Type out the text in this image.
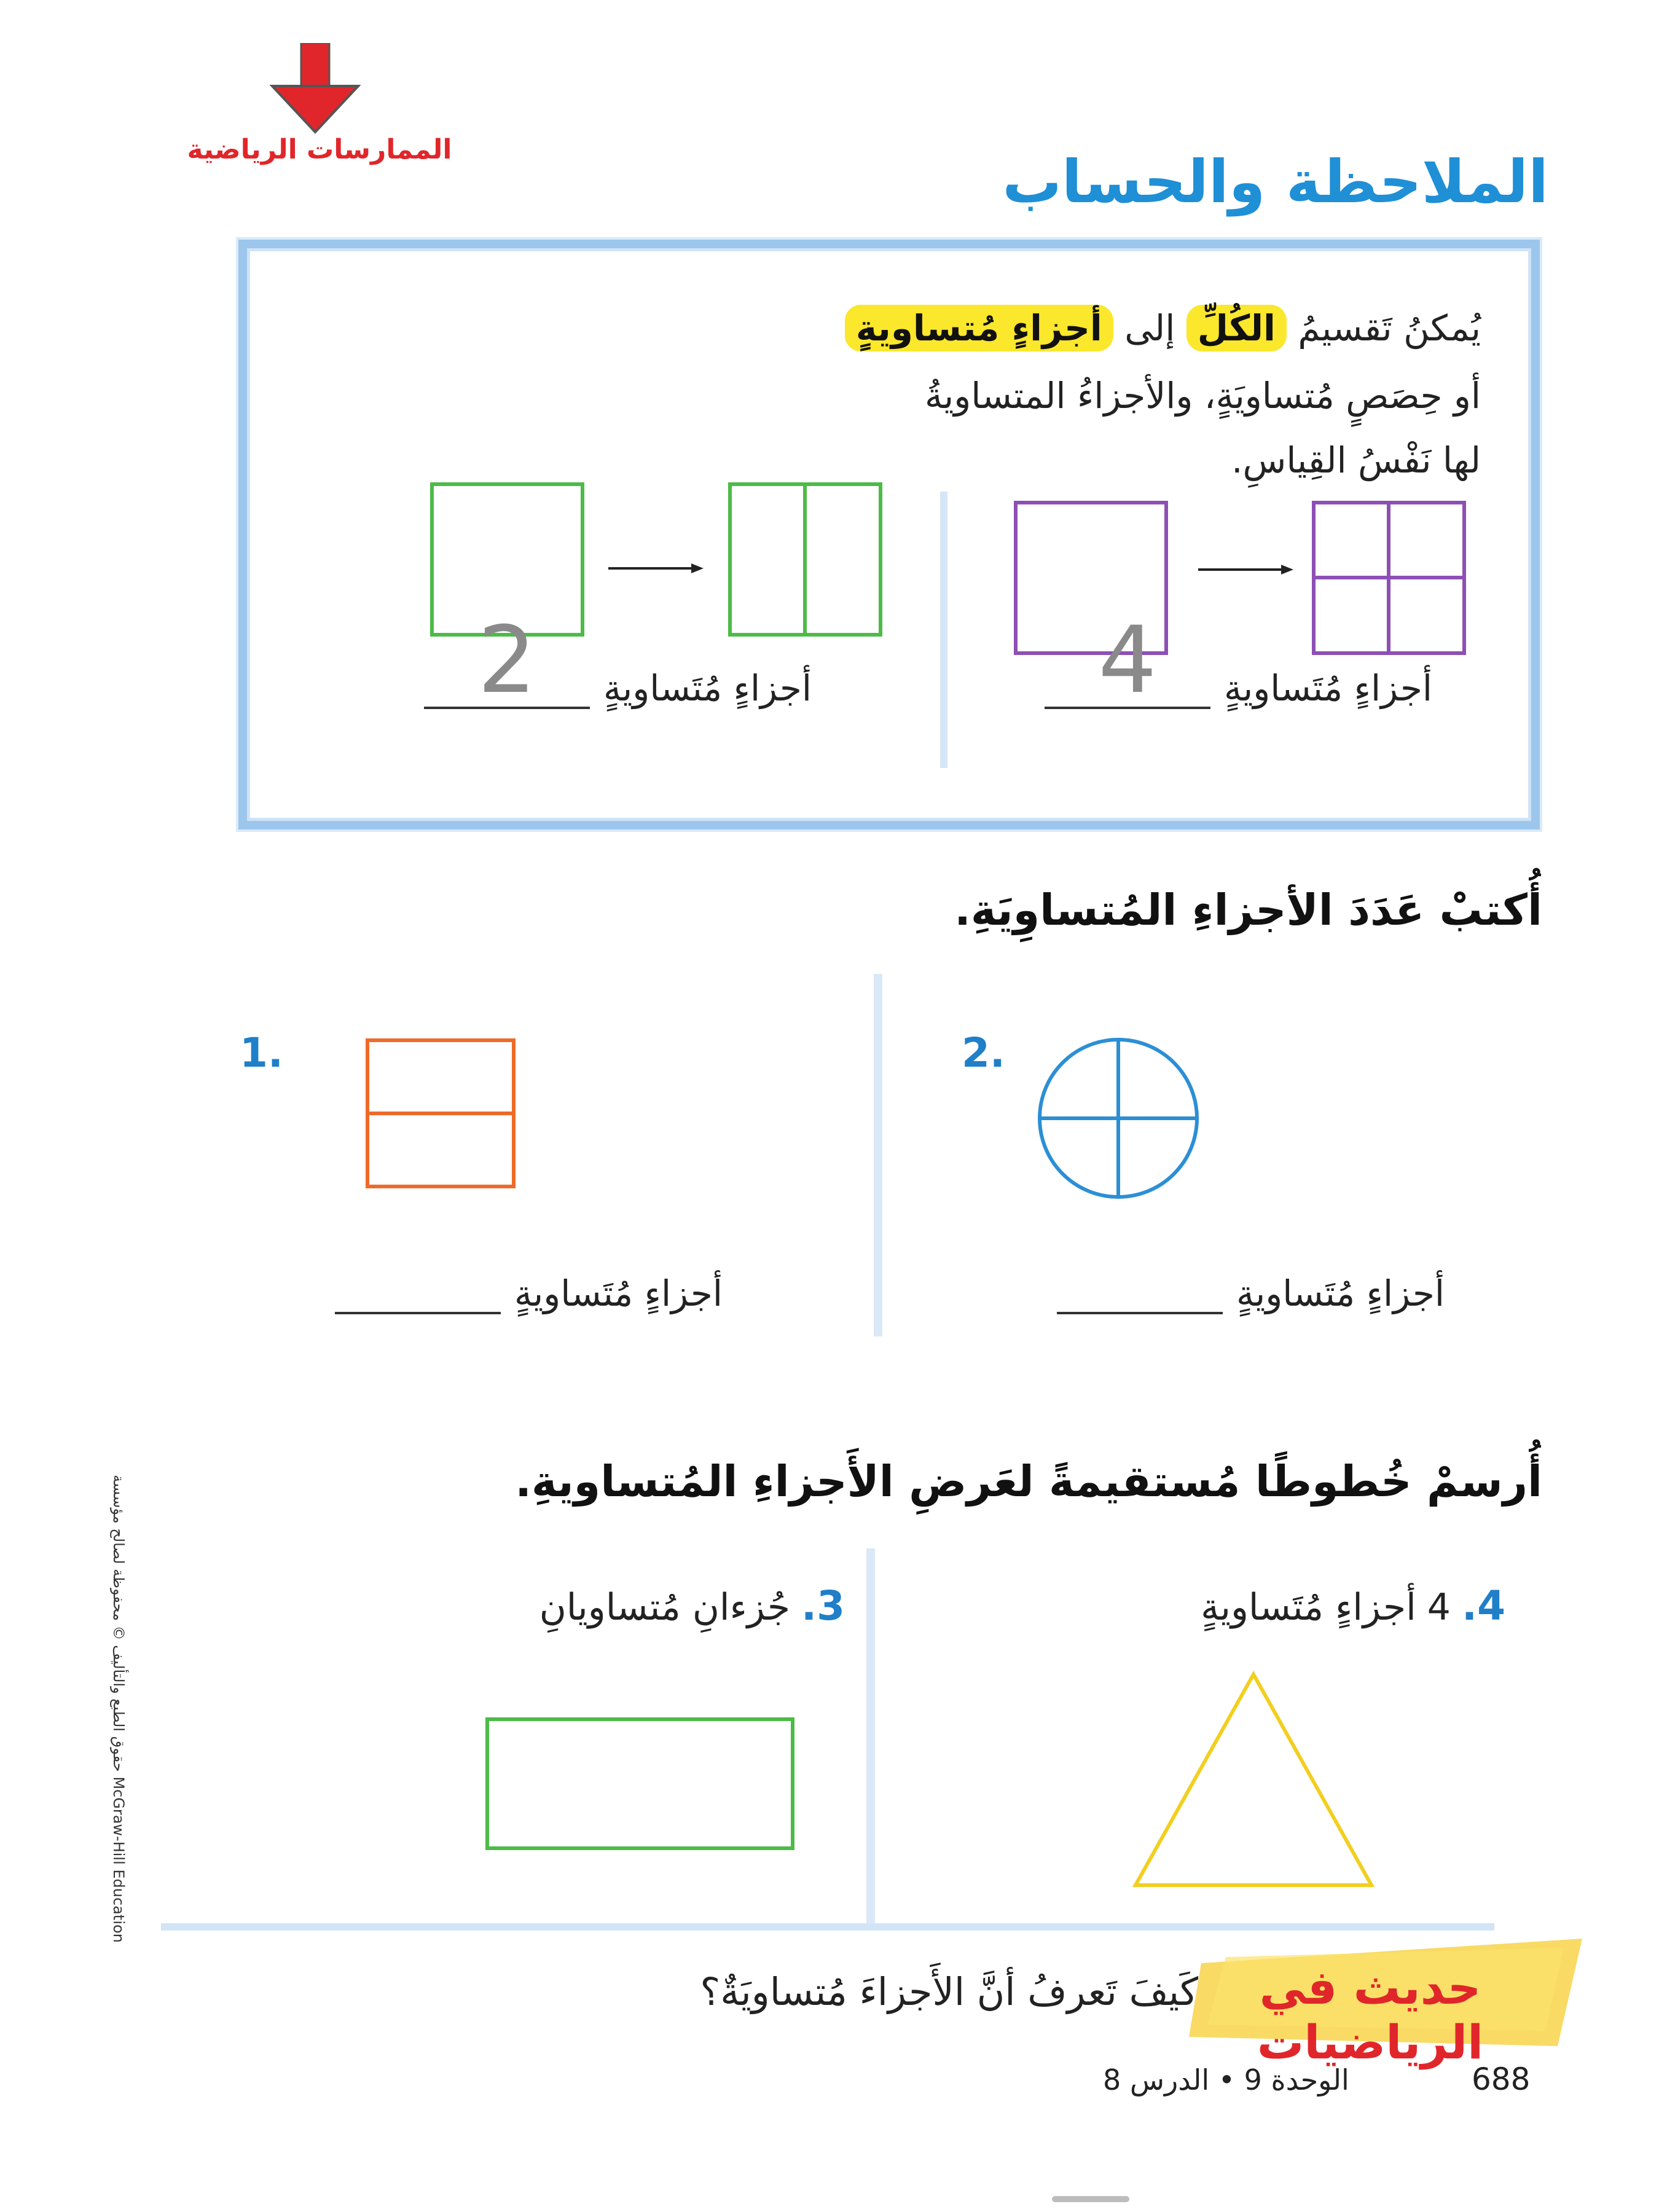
الممارسات الرياضية	الملاحظة والحساب
يُمكنُ تَقسيمُ الكُلِّ إلى أجزاءٍ مُتساويةٍ
أو حِصَصٍ مُتساويَةٍ، والأجزاءُ المتساويةُ
لها نَفْسُ القِياسِ.
أجزاءٍ مُتَساويةٍ
2	أجزاءٍ مُتَساويةٍ
4
أُكتبْ عَدَدَ الأجزاءِ المُتساوِيَةِ.
1.
أجزاءٍ مُتَساويةٍ
2.
أجزاءٍ مُتَساويةٍ
أُرسمْ خُطوطًا مُستقيمةً لعَرضِ الأَجزاءِ المُتساويةِ.
3.
جُزءانِ مُتساويانِ	4.
4
أجزاءٍ مُتَساويةٍ
حديث في الرياضيات
كَيفَ تَعرفُ أنَّ الأَجزاءَ مُتساويَةٌ؟
688
الوحدة 9 • الدرس 8
حقوق الطبع والتأليف © محفوظة لصالح مؤسسة McGraw-Hill Education
